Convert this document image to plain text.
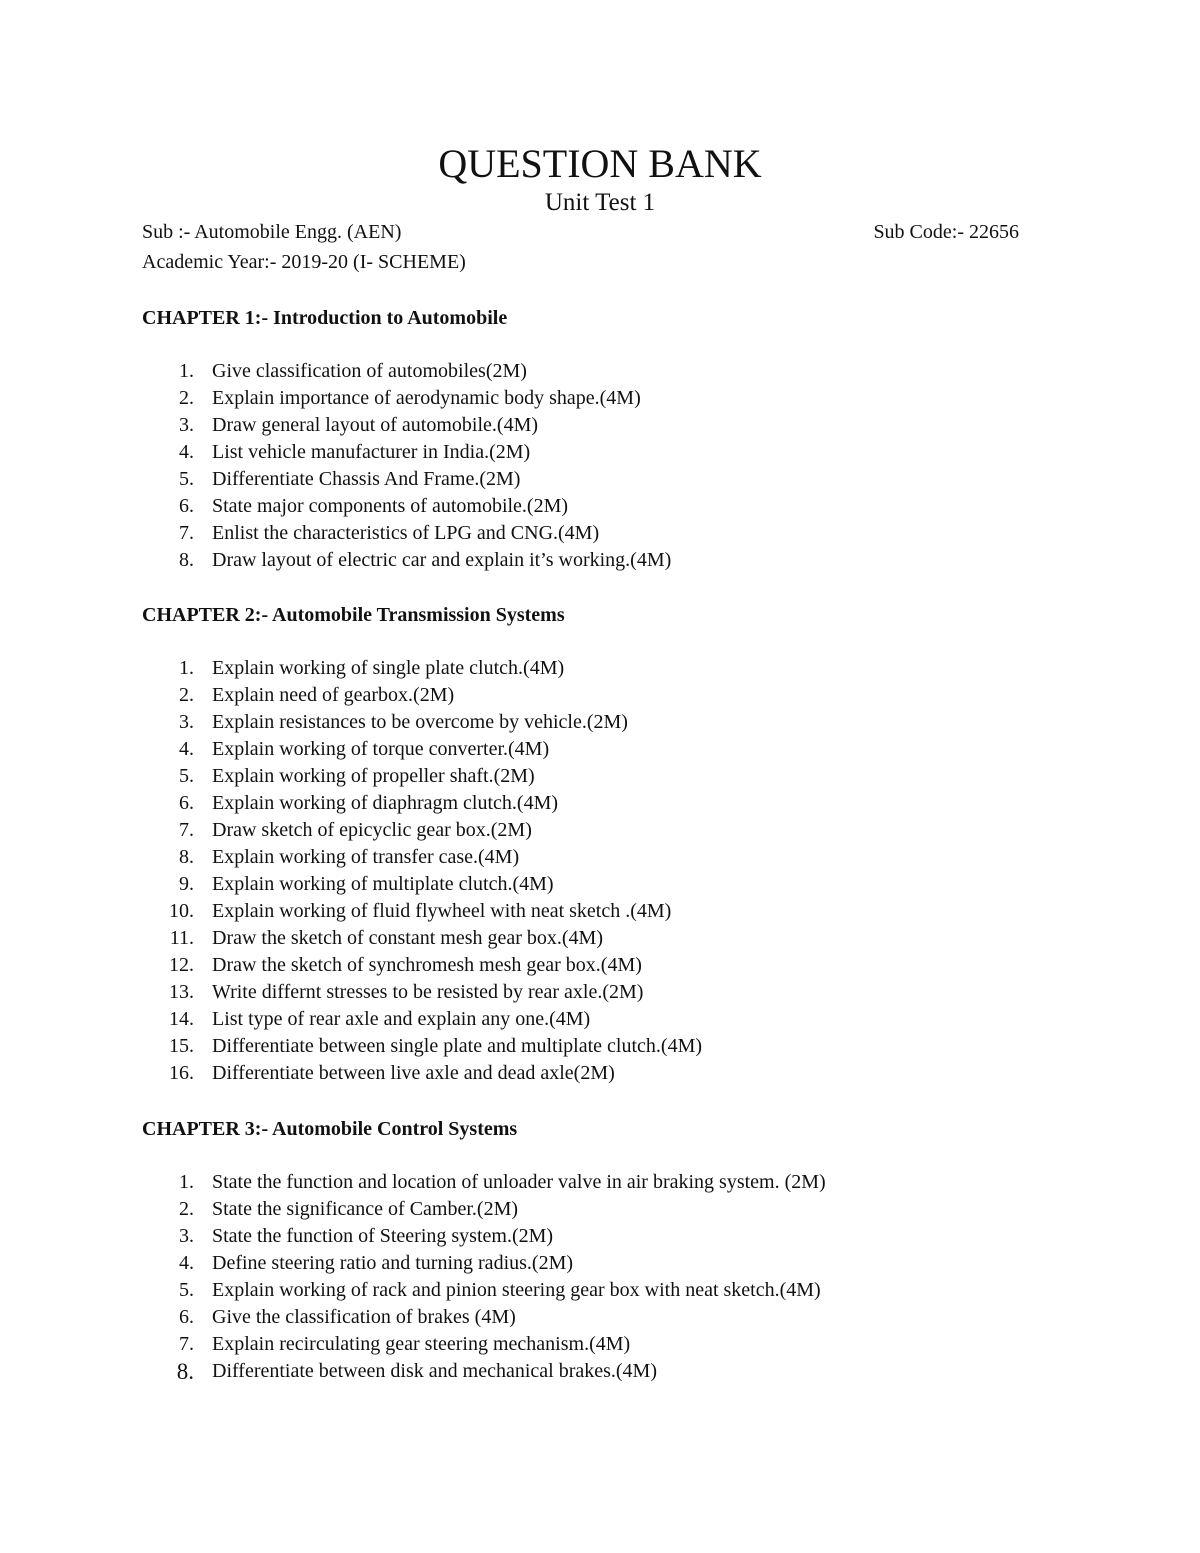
QUESTION BANK
Unit Test 1
Sub :- Automobile Engg. (AEN)	Sub Code:- 22656
Academic Year:- 2019-20 (I- SCHEME)
CHAPTER 1:- Introduction to Automobile
1. Give classification of automobiles(2M)
2. Explain importance of aerodynamic body shape.(4M)
3. Draw general layout of automobile.(4M)
4. List vehicle manufacturer in India.(2M)
5. Differentiate Chassis And Frame.(2M)
6. State major components of automobile.(2M)
7. Enlist the characteristics of LPG and CNG.(4M)
8. Draw layout of electric car and explain it’s working.(4M)
CHAPTER 2:- Automobile Transmission Systems
1. Explain working of single plate clutch.(4M)
2. Explain need of gearbox.(2M)
3. Explain resistances to be overcome by vehicle.(2M)
4. Explain working of torque converter.(4M)
5. Explain working of propeller shaft.(2M)
6. Explain working of diaphragm clutch.(4M)
7. Draw sketch of epicyclic gear box.(2M)
8. Explain working of transfer case.(4M)
9. Explain working of multiplate clutch.(4M)
10. Explain working of fluid flywheel with neat sketch .(4M)
11. Draw the sketch of constant mesh gear box.(4M)
12. Draw the sketch of synchromesh mesh gear box.(4M)
13. Write differnt stresses to be resisted by rear axle.(2M)
14. List type of rear axle and explain any one.(4M)
15. Differentiate between single plate and multiplate clutch.(4M)
16. Differentiate between live axle and dead axle(2M)
CHAPTER 3:- Automobile Control Systems
1. State the function and location of unloader valve in air braking system. (2M)
2. State the significance of Camber.(2M)
3. State the function of Steering system.(2M)
4. Define steering ratio and turning radius.(2M)
5. Explain working of rack and pinion steering gear box with neat sketch.(4M)
6. Give the classification of brakes (4M)
7. Explain recirculating gear steering mechanism.(4M)
8. Differentiate between disk and mechanical brakes.(4M)
